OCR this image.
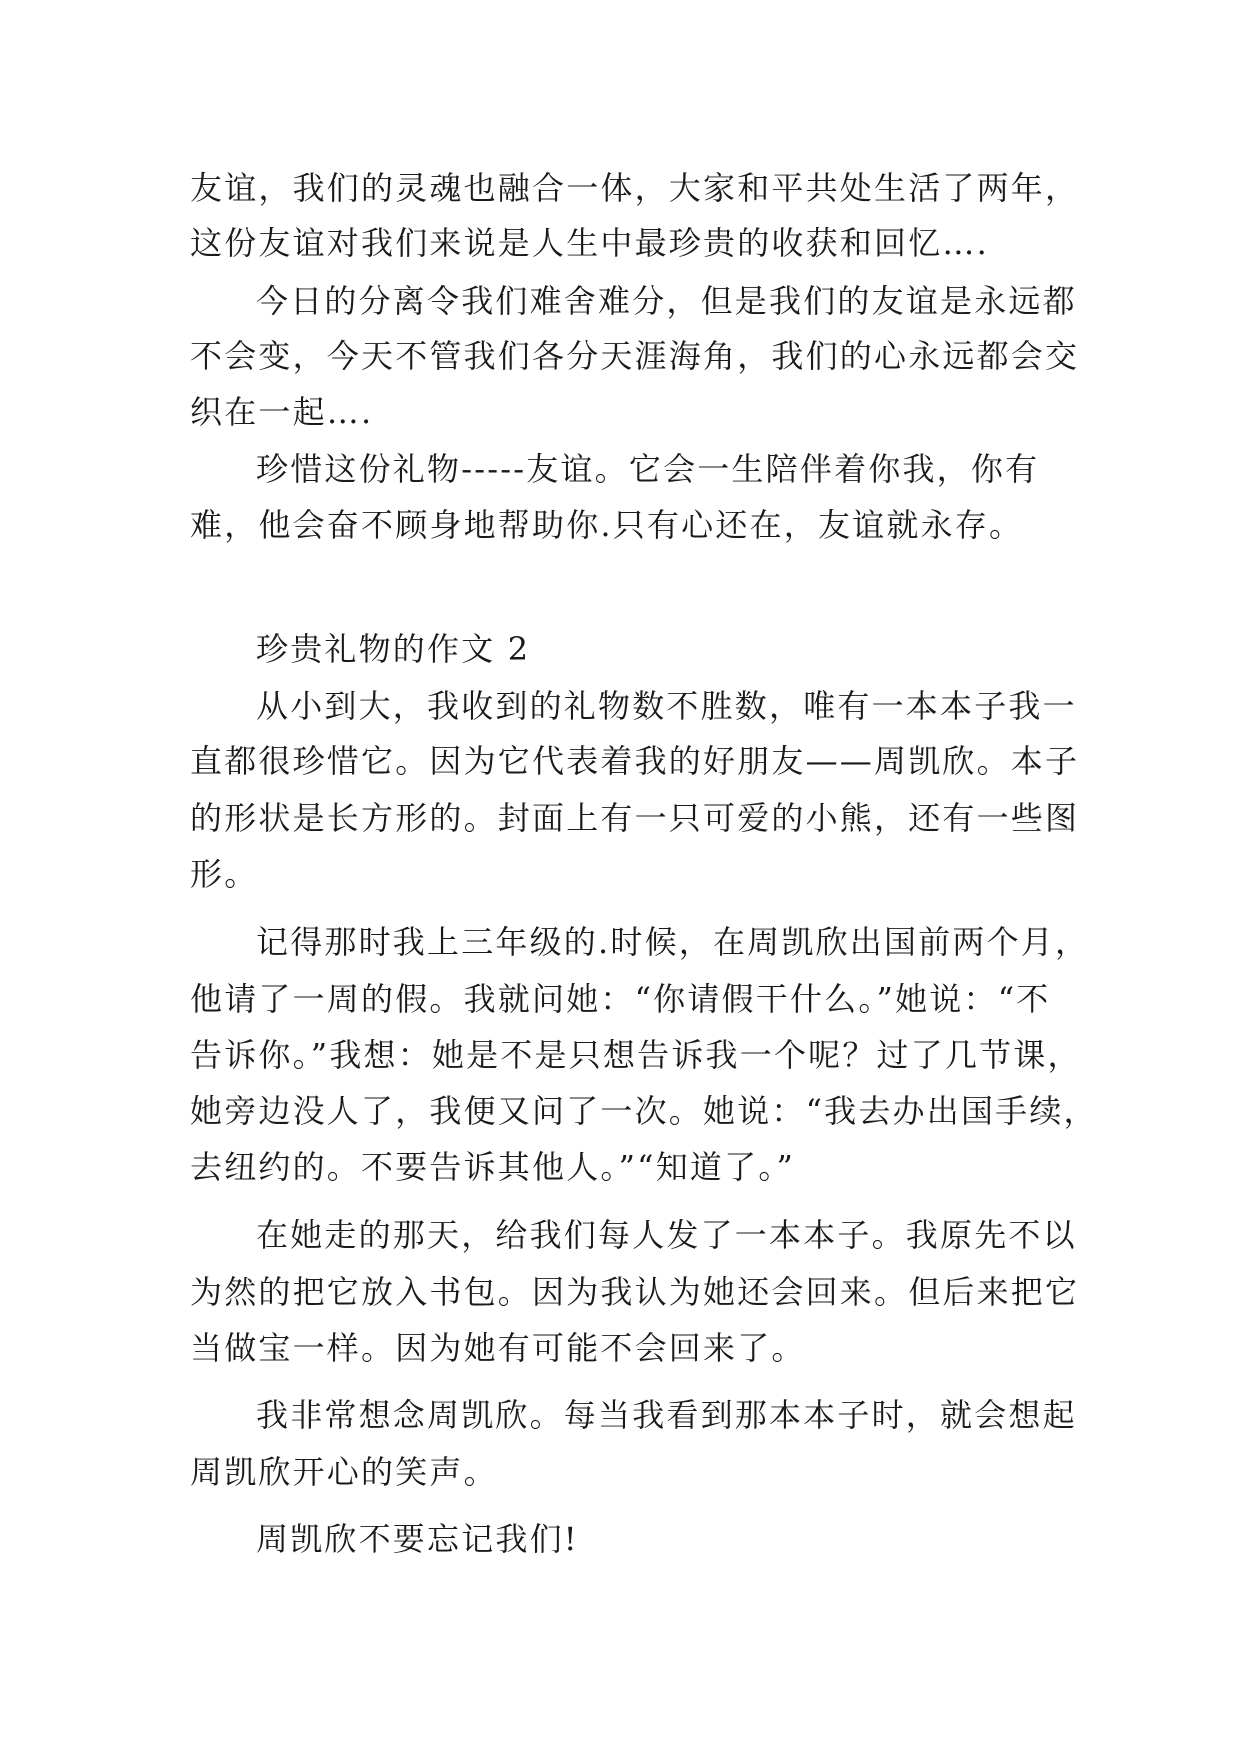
友谊，我们的灵魂也融合一体，大家和平共处生活了两年，
这份友谊对我们来说是人生中最珍贵的收获和回忆….
今日的分离令我们难舍难分，但是我们的友谊是永远都
不会变，今天不管我们各分天涯海角，我们的心永远都会交
织在一起….
珍惜这份礼物-----友谊。它会一生陪伴着你我，你有
难，他会奋不顾身地帮助你.只有心还在，友谊就永存。
珍贵礼物的作文 2
从小到大，我收到的礼物数不胜数，唯有一本本子我一
直都很珍惜它。因为它代表着我的好朋友——周凯欣。本子
的形状是长方形的。封面上有一只可爱的小熊，还有一些图
形。
记得那时我上三年级的.时候，在周凯欣出国前两个月，
他请了一周的假。我就问她：“你请假干什么。”她说：“不
告诉你。”我想：她是不是只想告诉我一个呢？过了几节课，
她旁边没人了，我便又问了一次。她说：“我去办出国手续，
去纽约的。不要告诉其他人。”“知道了。”
在她走的那天，给我们每人发了一本本子。我原先不以
为然的把它放入书包。因为我认为她还会回来。但后来把它
当做宝一样。因为她有可能不会回来了。
我非常想念周凯欣。每当我看到那本本子时，就会想起
周凯欣开心的笑声。
周凯欣不要忘记我们!
